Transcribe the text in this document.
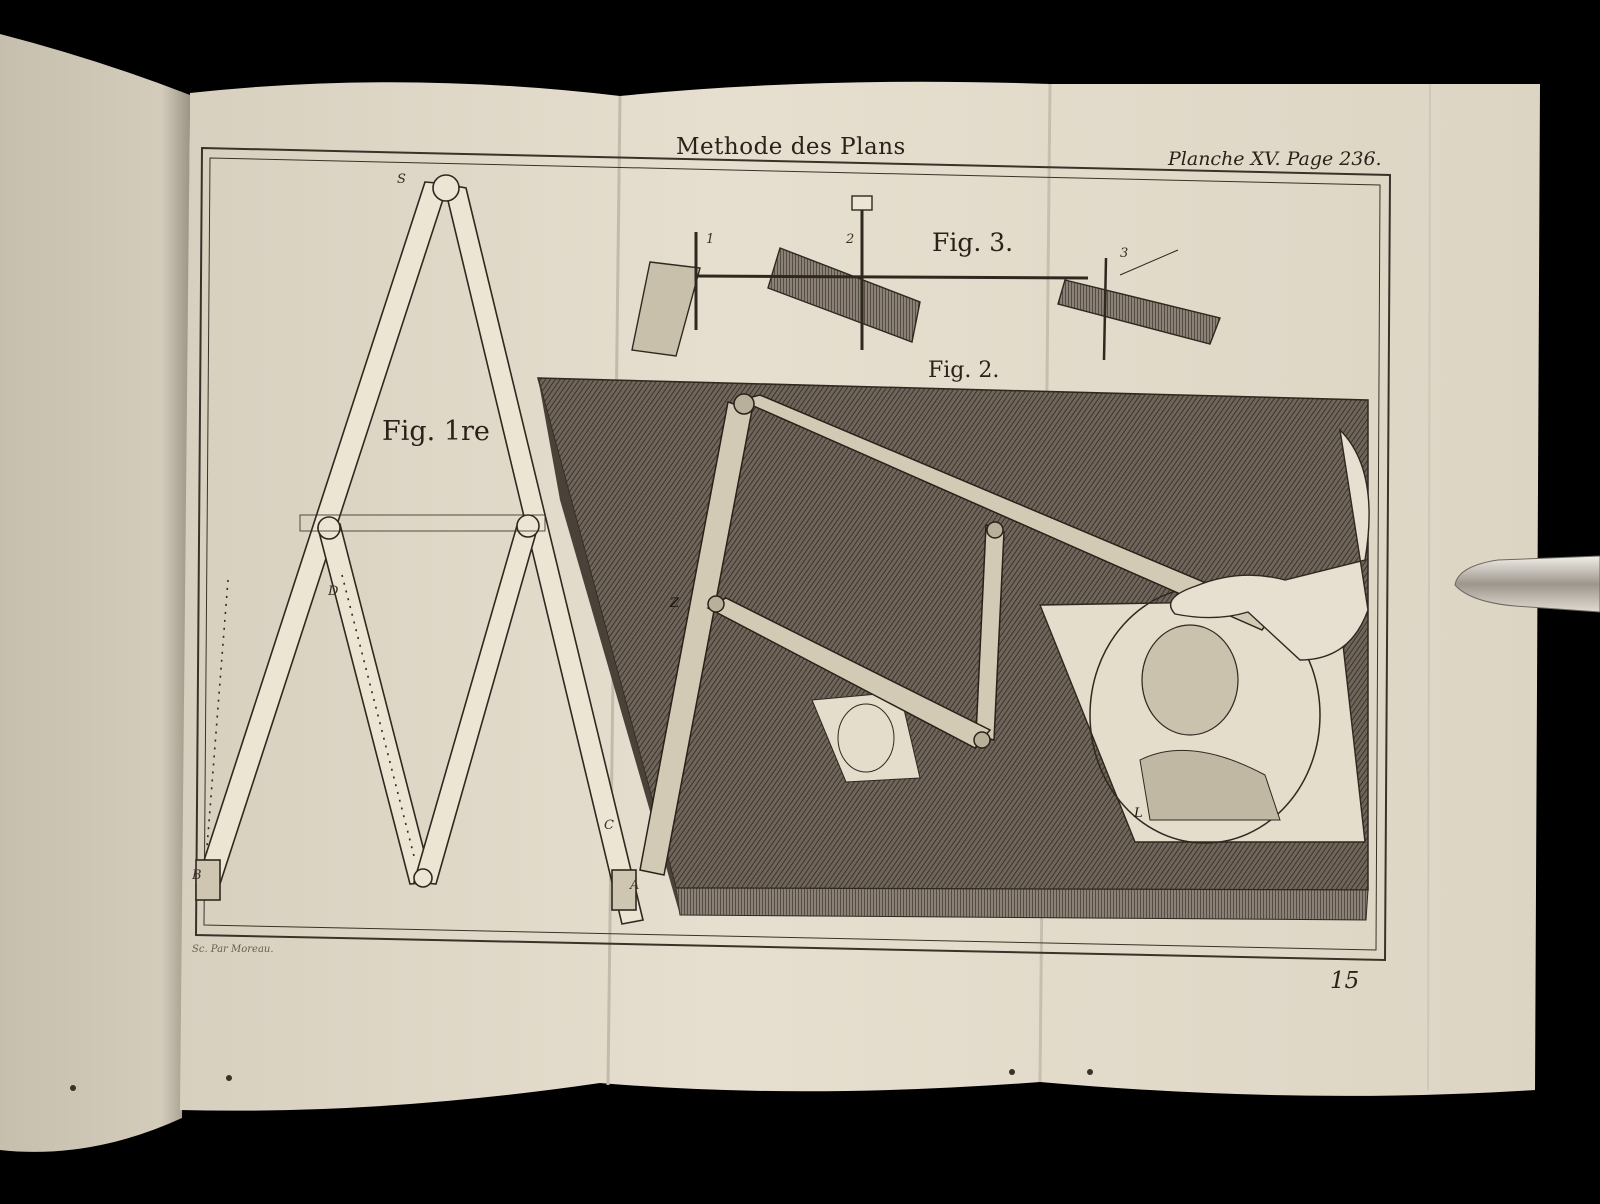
Methode des Plans	Planche XV. Page 236.
Fig. 1re
Fig. 2.
Fig. 3.
Sc. Par Moreau.
15
S
D
B
C
A
1	2
3
Z
L
